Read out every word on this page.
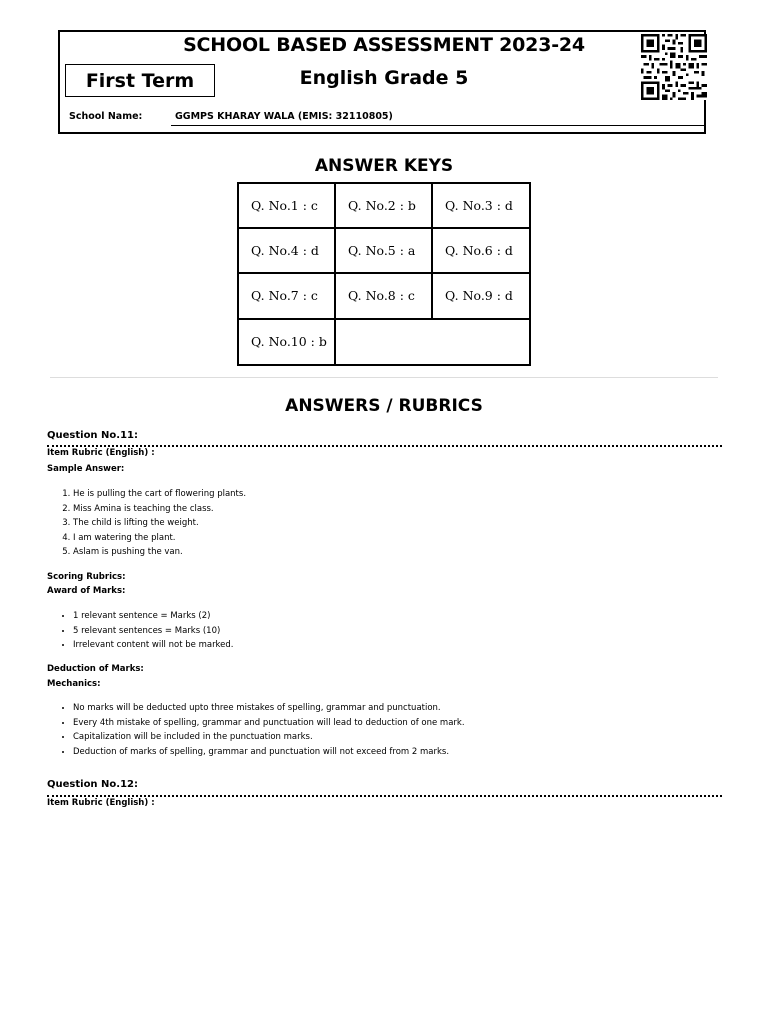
SCHOOL BASED ASSESSMENT 2023-24
English Grade 5
First Term
School Name:	GGMPS KHARAY WALA (EMIS: 32110805)
ANSWER KEYS
Q. No.1 : c	Q. No.2 : b	Q. No.3 : d
Q. No.4 : d	Q. No.5 : a	Q. No.6 : d
Q. No.7 : c	Q. No.8 : c	Q. No.9 : d
Q. No.10 : b
ANSWERS / RUBRICS
Question No.11:
Item Rubric (English) :
Sample Answer:
1. He is pulling the cart of flowering plants.
2. Miss Amina is teaching the class.
3. The child is lifting the weight.
4. I am watering the plant.
5. Aslam is pushing the van.
Scoring Rubrics:
Award of Marks:
• 1 relevant sentence = Marks (2)
• 5 relevant sentences = Marks (10)
• Irrelevant content will not be marked.
Deduction of Marks:
Mechanics:
• No marks will be deducted upto three mistakes of spelling, grammar and punctuation.
• Every 4th mistake of spelling, grammar and punctuation will lead to deduction of one mark.
• Capitalization will be included in the punctuation marks.
• Deduction of marks of spelling, grammar and punctuation will not exceed from 2 marks.
Question No.12:
Item Rubric (English) :
